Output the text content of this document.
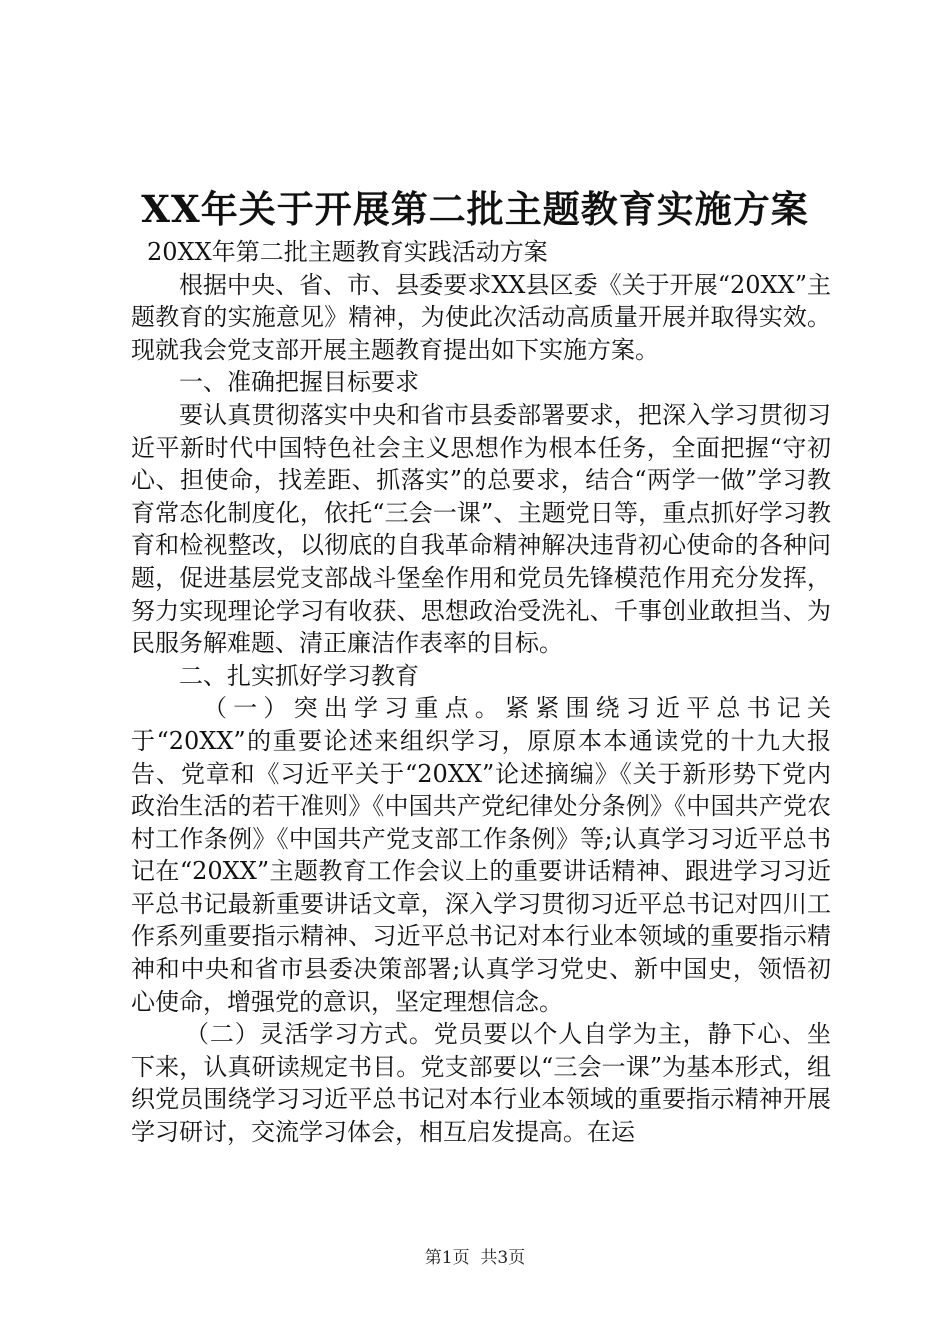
XX年关于开展第二批主题教育实施方案

20XX年第二批主题教育实践活动方案

根据中央、省、市、县委要求XX县区委《关于开展“20XX”主题教育的实施意见》精神，为使此次活动高质量开展并取得实效。现就我会党支部开展主题教育提出如下实施方案。

一、准确把握目标要求

要认真贯彻落实中央和省市县委部署要求，把深入学习贯彻习近平新时代中国特色社会主义思想作为根本任务，全面把握“守初心、担使命，找差距、抓落实”的总要求，结合“两学一做”学习教育常态化制度化，依托“三会一课”、主题党日等，重点抓好学习教育和检视整改，以彻底的自我革命精神解决违背初心使命的各种问题，促进基层党支部战斗堡垒作用和党员先锋模范作用充分发挥，努力实现理论学习有收获、思想政治受洗礼、千事创业敢担当、为民服务解难题、清正廉洁作表率的目标。

二、扎实抓好学习教育

（一）突出学习重点。紧紧围绕习近平总书记关于“20XX”的重要论述来组织学习，原原本本通读党的十九大报告、党章和《习近平关于“20XX”论述摘编》《关于新形势下党内政治生活的若干准则》《中国共产党纪律处分条例》《中国共产党农村工作条例》《中国共产党支部工作条例》等;认真学习习近平总书记在“20XX”主题教育工作会议上的重要讲话精神、跟进学习习近平总书记最新重要讲话文章，深入学习贯彻习近平总书记对四川工作系列重要指示精神、习近平总书记对本行业本领域的重要指示精神和中央和省市县委决策部署;认真学习党史、新中国史，领悟初心使命，增强党的意识，坚定理想信念。

（二）灵活学习方式。党员要以个人自学为主，静下心、坐下来，认真研读规定书目。党支部要以“三会一课”为基本形式，组织党员围绕学习习近平总书记对本行业本领域的重要指示精神开展学习研讨，交流学习体会，相互启发提高。在运

第1页 共3页
